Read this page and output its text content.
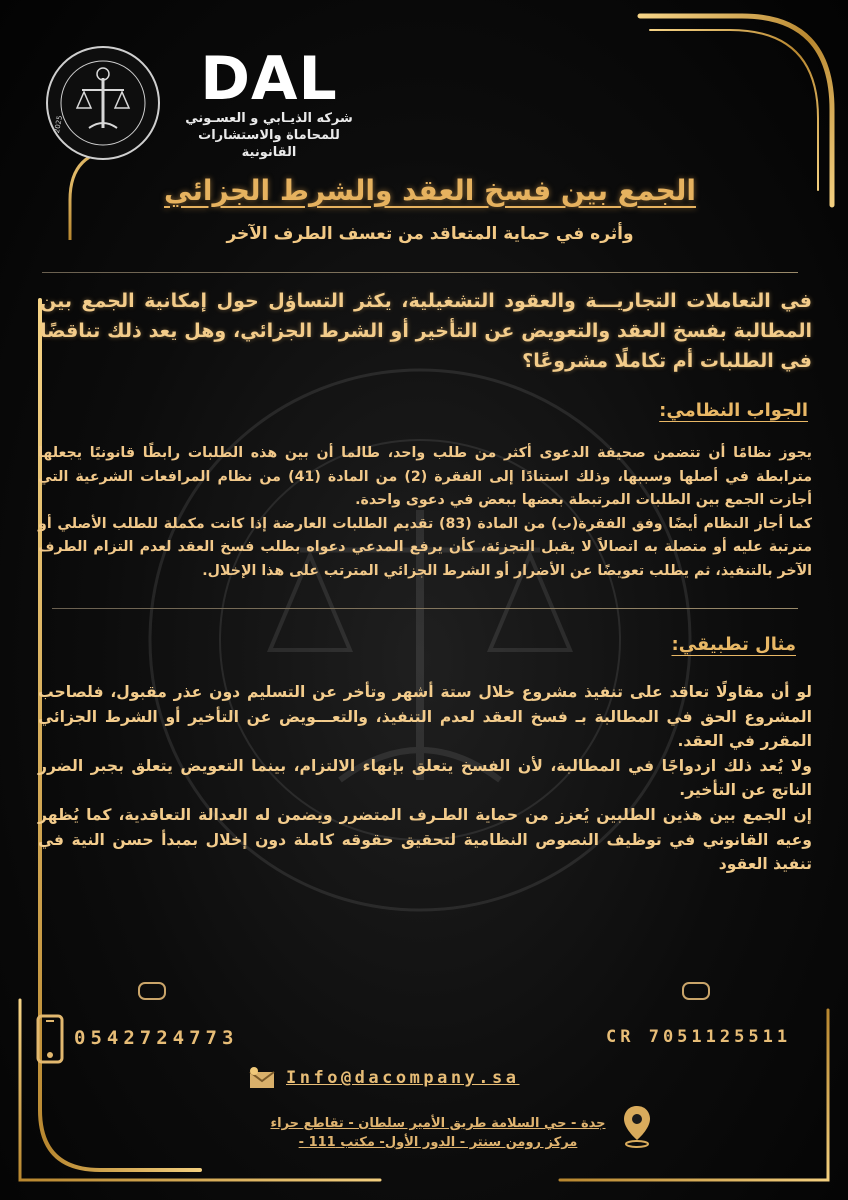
2025
DAL
شركه الذيـابي و العسـوني
للمحاماة والاستشارات القانونية
الجمع بين فسخ العقد والشرط الجزائي
وأثره في حماية المتعاقد من تعسف الطرف الآخر
في التعاملات التجاريـــة والعقود التشغيلية، يكثر التساؤل حول إمكانية الجمع بين المطالبة بفسخ العقد والتعويض عن التأخير أو الشرط الجزائي، وهل يعد ذلك تناقضًا في الطلبات أم تكاملًا مشروعًا؟
الجواب النظامي:

يجوز نظامًا أن تتضمن صحيفة الدعوى أكثر من طلب واحد، طالما أن بين هذه الطلبات رابطًا قانونيًا يجعلها مترابطة في أصلها وسببها، وذلك استنادًا إلى الفقرة (2) من المادة (41) من نظام المرافعات الشرعية التي أجازت الجمع بين الطلبات المرتبطة بعضها ببعض في دعوى واحدة.

كما أجاز النظام أيضًا وفق الفقرة(ب) من المادة (83) تقديم الطلبات العارضة إذا كانت مكملة للطلب الأصلي أو مترتبة عليه أو متصلة به اتصالاً لا يقبل التجزئة، كأن يرفع المدعي دعواه بطلب فسخ العقد لعدم التزام الطرف الآخر بالتنفيذ، ثم يطلب تعويضًا عن الأضرار أو الشرط الجزائي المترتب على هذا الإخلال.

مثال تطبيقي:

لو أن مقاولًا تعاقد على تنفيذ مشروع خلال ستة أشهر وتأخر عن التسليم دون عذر مقبول، فلصاحب المشروع الحق في المطالبة بـ فسخ العقد لعدم التنفيذ، والتعـــويض عن التأخير أو الشرط الجزائي المقرر في العقد.

ولا يُعد ذلك ازدواجًا في المطالبة، لأن الفسخ يتعلق بإنهاء الالتزام، بينما التعويض يتعلق بجبر الضرر الناتج عن التأخير.

إن الجمع بين هذين الطلبين يُعزز من حماية الطـرف المتضرر ويضمن له العدالة التعاقدية، كما يُظهر وعيه القانوني في توظيف النصوص النظامية لتحقيق حقوقه كاملة دون إخلال بمبدأ حسن النية في تنفيذ العقود

0542724773	CR 7051125511
Info@dacompany.sa
جدة - حي السلامة طريق الأمير سلطان - تقاطع حراء
مركز رومن سنتر - الدور الأول- مكتب 111 -
